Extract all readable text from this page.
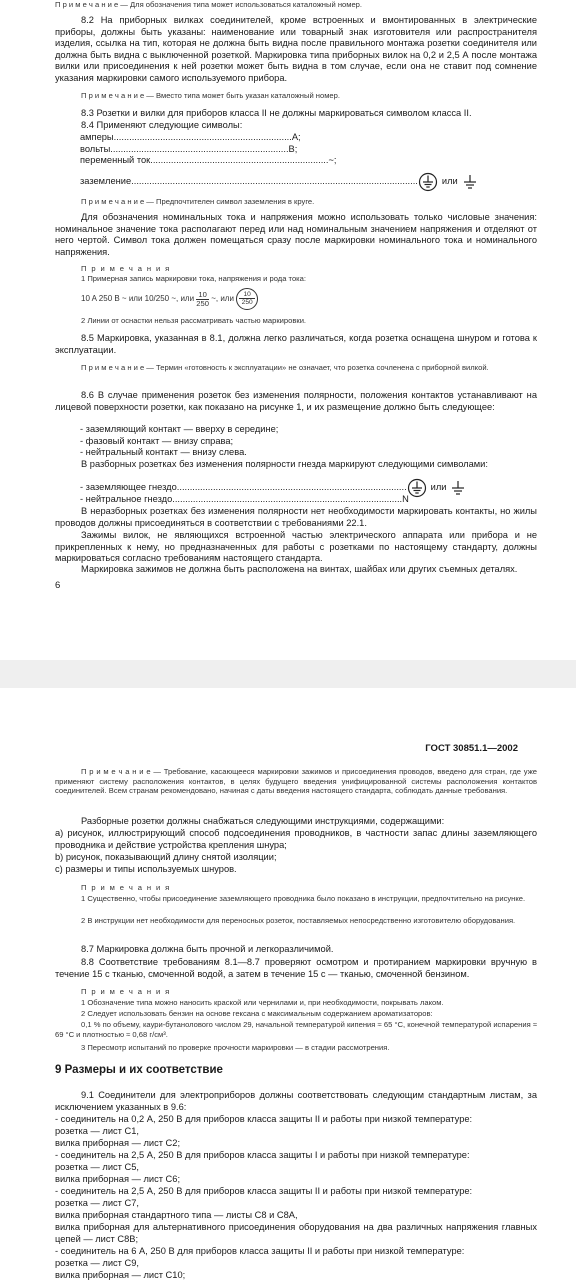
П р и м е ч а н и е — Для обозначения типа может использоваться каталожный номер.
8.2 На приборных вилках соединителей, кроме встроенных и вмонтированных в электрические приборы, должны быть указаны: наименование или товарный знак изготовителя или распространителя изделия, ссылка на тип, которая не должна быть видна после правильного монтажа розетки соединителя или должна быть видна с выключенной розеткой. Маркировка типа приборных вилок на 0,2 и 2,5 А после монтажа вилки или присоединения к ней розетки может быть видна в том случае, если она не ставит под сомнение указания маркировки самого используемого прибора.
П р и м е ч а н и е — Вместо типа может быть указан каталожный номер.
8.3 Розетки и вилки для приборов класса II не должны маркироваться символом класса II.
8.4 Применяют следующие символы:
амперы ..................................................................... A;
вольты ..................................................................... B;
переменный ток ..................................................................... ~;
заземление ...............................................................................................................	или
П р и м е ч а н и е — Предпочтителен символ заземления в круге.
Для обозначения номинальных тока и напряжения можно использовать только числовые значения: номинальное значение тока располагают перед или над номинальным значением напряжения и отделяют от него чертой. Символ тока должен помещаться сразу после маркировки номинального тока и номинального напряжения.
П р и м е ч а н и я
1 Примерная запись маркировки тока, напряжения и рода тока:
10 A 250 B ~ или 10/250 ~, или $\frac{10}{250}$ ~, или $\frac{10}{250}$
2 Линии от оснастки нельзя рассматривать частью маркировки.
8.5 Маркировка, указанная в 8.1, должна легко различаться, когда розетка оснащена шнуром и готова к эксплуатации.
П р и м е ч а н и е — Термин «готовность к эксплуатации» не означает, что розетка сочленена с приборной вилкой.
8.6 В случае применения розеток без изменения полярности, положения контактов устанавливают на лицевой поверхности розетки, как показано на рисунке 1, и их размещение должно быть следующее:
- заземляющий контакт — вверху в середине;
- фазовый контакт — внизу справа;
- нейтральный контакт — внизу слева.
В разборных розетках без изменения полярности гнезда маркируют следующими символами:
- заземляющее гнездо .........................................................................................	или
- нейтральное гнездо ......................................................................................... N
В неразборных розетках без изменения полярности нет необходимости маркировать контакты, но жилы проводов должны присоединяться в соответствии с требованиями 22.1.
Зажимы вилок, не являющихся встроенной частью электрического аппарата или прибора и не прикрепленных к нему, но предназначенных для работы с розетками по настоящему стандарту, должны маркироваться согласно требованиям настоящего стандарта.
Маркировка зажимов не должна быть расположена на винтах, шайбах или других съемных деталях.
6
ГОСТ 30851.1—2002
П р и м е ч а н и е — Требование, касающееся маркировки зажимов и присоединения проводов, введено для стран, где уже применяют систему расположения контактов, в целях будущего введения унифицированной системы расположения контактов соединителей. Всем странам рекомендовано, начиная с даты введения настоящего стандарта, соблюдать данные требования.
Разборные розетки должны снабжаться следующими инструкциями, содержащими:
а) рисунок, иллюстрирующий способ подсоединения проводников, в частности запас длины заземляющего проводника и действие устройства крепления шнура;
b) рисунок, показывающий длину снятой изоляции;
с) размеры и типы используемых шнуров.
П р и м е ч а н и я
1 Существенно, чтобы присоединение заземляющего проводника было показано в инструкции, предпочтительно на рисунке.
2 В инструкции нет необходимости для переносных розеток, поставляемых непосредственно изготовителю оборудования.
8.7 Маркировка должна быть прочной и легкоразличимой.
8.8 Соответствие требованиям 8.1—8.7 проверяют осмотром и протиранием маркировки вручную в течение 15 с тканью, смоченной водой, а затем в течение 15 с — тканью, смоченной бензином.
П р и м е ч а н и я
1 Обозначение типа можно наносить краской или чернилами и, при необходимости, покрывать лаком.
2 Следует использовать бензин на основе гексана с максимальным содержанием ароматизаторов:
0,1 % по объему, каури-бутанолового числом 29, начальной температурой кипения ≈ 65 °С, конечной температурой испарения ≈ 69 °С и плотностью ≈ 0,68 г/см³.
3 Пересмотр испытаний по проверке прочности маркировки — в стадии рассмотрения.
9 Размеры и их соответствие
9.1 Соединители для электроприборов должны соответствовать следующим стандартным листам, за исключением указанных в 9.6:
- соединитель на 0,2 А, 250 В для приборов класса защиты II и работы при низкой температуре:
розетка — лист С1,
вилка приборная — лист С2;
- соединитель на 2,5 А, 250 В для приборов класса защиты I и работы при низкой температуре:
розетка — лист С5,
вилка приборная — лист С6;
- соединитель на 2,5 А, 250 В для приборов класса защиты II и работы при низкой температуре:
розетка — лист С7,
вилка приборная стандартного типа — листы С8 и С8А,
вилка приборная для альтернативного присоединения оборудования на два различных напряжения главных цепей — лист С8В;
- соединитель на 6 А, 250 В для приборов класса защиты II и работы при низкой температуре:
розетка — лист С9,
вилка приборная — лист С10;
